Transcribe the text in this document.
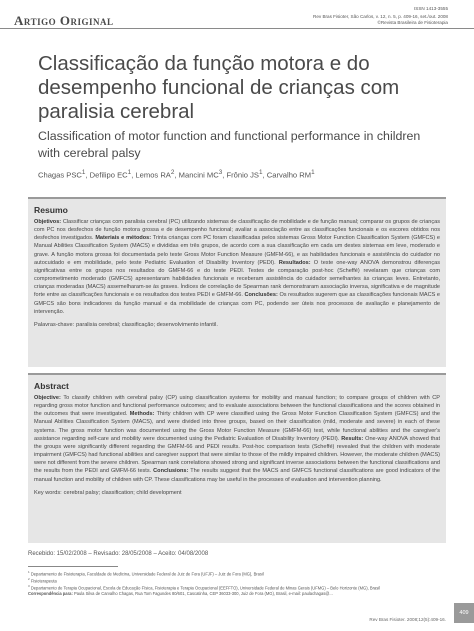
Artigo Original
ISSN 1413-3555
Rev Bras Fisioter, São Carlos, v. 12, n. 5, p. 409-16, set./out. 2008
©Revista Brasileira de Fisioterapia
Classificação da função motora e do desempenho funcional de crianças com paralisia cerebral
Classification of motor function and functional performance in children with cerebral palsy
Chagas PSC$^1$, Defilipo $EC^1$, Lemos $RA^2$, Mancini $MC^3$, Frônio $JS^1$, Carvalho $RM^1$
Resumo
Objetivos: Classificar crianças com paralisia cerebral (PC) utilizando sistemas de classificação de mobilidade e de função manual; comparar os grupos de crianças com PC nos desfechos de função motora grossa e de desempenho funcional; avaliar a associação entre as classificações funcionais e os escores obtidos nos desfechos investigados. Materiais e métodos: Trinta crianças com PC foram classificadas pelos sistemas Gross Motor Function Classification System (GMFCS) e Manual Abilities Classification System (MACS) e divididas em três grupos, de acordo com a sua classificação em cada um destes sistemas em leve, moderado e grave. A função motora grossa foi documentada pelo teste Gross Motor Function Measure (GMFM-66), e as habilidades funcionais e assistência do cuidador no autocuidado e em mobilidade, pelo teste Pediatric Evaluation of Disability Inventory (PEDI). Resultados: O teste one-way ANOVA demonstrou diferenças significativas entre os grupos nos resultados do GMFM-66 e do teste PEDI. Testes de comparação post-hoc (Scheffé) revelaram que crianças com comprometimento moderado (GMFCS) apresentaram habilidades funcionais e receberam assistência do cuidador semelhantes às crianças leves. Entretanto, crianças moderadas (MACS) assemelharam-se às graves. Índices de correlação de Spearman rank demonstraram associação inversa, significativa e de magnitude forte entre as classificações funcionais e os resultados dos testes PEDI e GMFM-66. Conclusões: Os resultados sugerem que as classificações funcionais MACS e GMFCS são bons indicadores da função manual e da mobilidade de crianças com PC, podendo ser úteis nos processos de avaliação e planejamento de intervenção.
Palavras-chave: paralisia cerebral; classificação; desenvolvimento infantil.
Abstract
Objective: To classify children with cerebral palsy (CP) using classification systems for mobility and manual function; to compare groups of children with CP regarding gross motor function and functional performance outcomes; and to evaluate associations between the functional classifications and the scores obtained in the outcomes that were investigated. Methods: Thirty children with CP were classified using the Gross Motor Function Classification System (GMFCS) and the Manual Abilities Classification System (MACS), and were divided into three groups, based on their classification (mild, moderate and severe) in each of these systems. The gross motor function was documented using the Gross Motor Function Measure (GMFM-66) test, while functional abilities and the caregiver's assistance regarding self-care and mobility were documented using the Pediatric Evaluation of Disability Inventory (PEDI). Results: One-way ANOVA showed that the groups were significantly different regarding the GMFM-66 and PEDI results. Post-hoc comparison tests (Scheffé) revealed that the children with moderate impairment (GMFCS) had functional abilities and caregiver support that were similar to those of the mildly impaired children. However, the moderate children (MACS) were not different from the severe children. Spearman rank correlations showed strong and significant inverse associations between the functional classifications and the results from the PEDI and GMFM-66 tests. Conclusions: The results suggest that the MACS and GMFCS functional classifications are good indicators of the manual function and mobility of children with CP. These classifications may be useful in the processes of evaluation and intervention planning.
Key words: cerebral palsy; classification; child development
Recebido: 15/02/2008 – Revisado: 28/05/2008 – Aceito: 04/08/2008
$^1$ Departamento de Fisioterapia, Faculdade de Medicina, Universidade Federal de Juiz de Fora (UFJF) – Juiz de Fora (MG), Brasil
$^2$ Fisioterapeuta
$^3$ Departamento de Terapia Ocupacional, Escola de Educação Física, Fisioterapia e Terapia Ocupacional (EEFFTO), Universidade Federal de Minas Gerais (UFMG) – Belo Horizonte (MG), Brasil
Correspondência para: Paula Silva de Carvalho Chagas, Rua Tom Fagundes 80/601, Cascatinha, CEP 36033-300, Juiz de Fora (MG), Brasil, e-mail: paulachagas@...
409
Rev Bras Fisioter. 2008;12(5):409-16.
